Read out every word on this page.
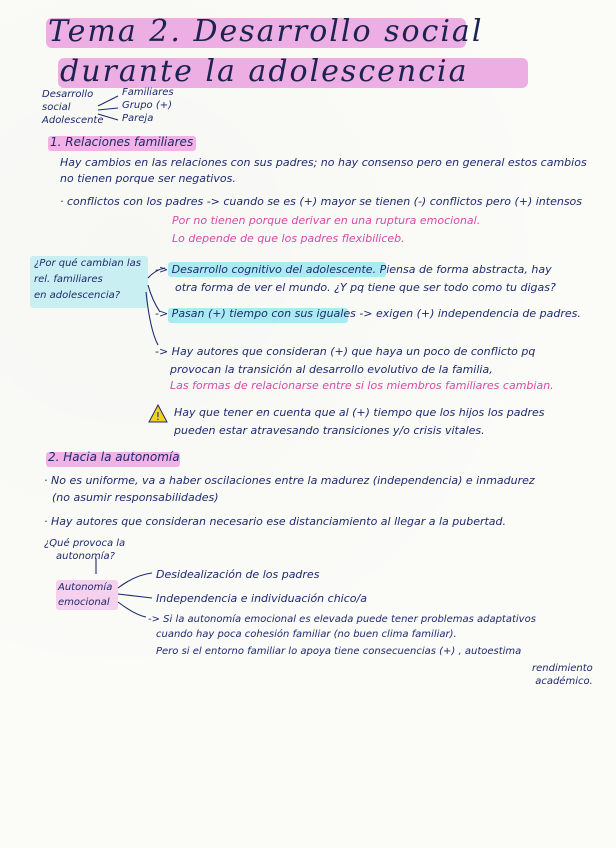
Tema 2. Desarrollo social
durante la adolescencia
Desarrollo
social
Adolescente
Familiares
Grupo (+)
Pareja
1. Relaciones familiares
Hay cambios en las relaciones con sus padres; no hay consenso pero en general estos cambios
no tienen porque ser negativos.
· conflictos con los padres -> cuando se es (+) mayor se tienen (-) conflictos pero (+) intensos
Por no tienen porque derivar en una ruptura emocional.
Lo depende de que los padres flexibiliceb.
¿Por qué cambian las
rel. familiares
en adolescencia?
-> Desarrollo cognitivo del adolescente. Piensa de forma abstracta, hay
otra forma de ver el mundo. ¿Y pq tiene que ser todo como tu digas?
-> Pasan (+) tiempo con sus iguales -> exigen (+) independencia de padres.
-> Hay autores que consideran (+) que haya un poco de conflicto pq
provocan la transición al desarrollo evolutivo de la familia,
Las formas de relacionarse entre si los miembros familiares cambian.
! Hay que tener en cuenta que al (+) tiempo que los hijos los padres
pueden estar atravesando transiciones y/o crisis vitales.
2. Hacia la autonomía
· No es uniforme, va a haber oscilaciones entre la madurez (independencia) e inmadurez
(no asumir responsabilidades)
· Hay autores que consideran necesario ese distanciamiento al llegar a la pubertad.
¿Qué provoca la
autonomía?
Autonomía
emocional
Desidealización de los padres
Independencia e individuación chico/a
-> Si la autonomía emocional es elevada puede tener problemas adaptativos
cuando hay poca cohesión familiar (no buen clima familiar).
Pero si el entorno familiar lo apoya tiene consecuencias (+) , autoestima
rendimiento
académico.
